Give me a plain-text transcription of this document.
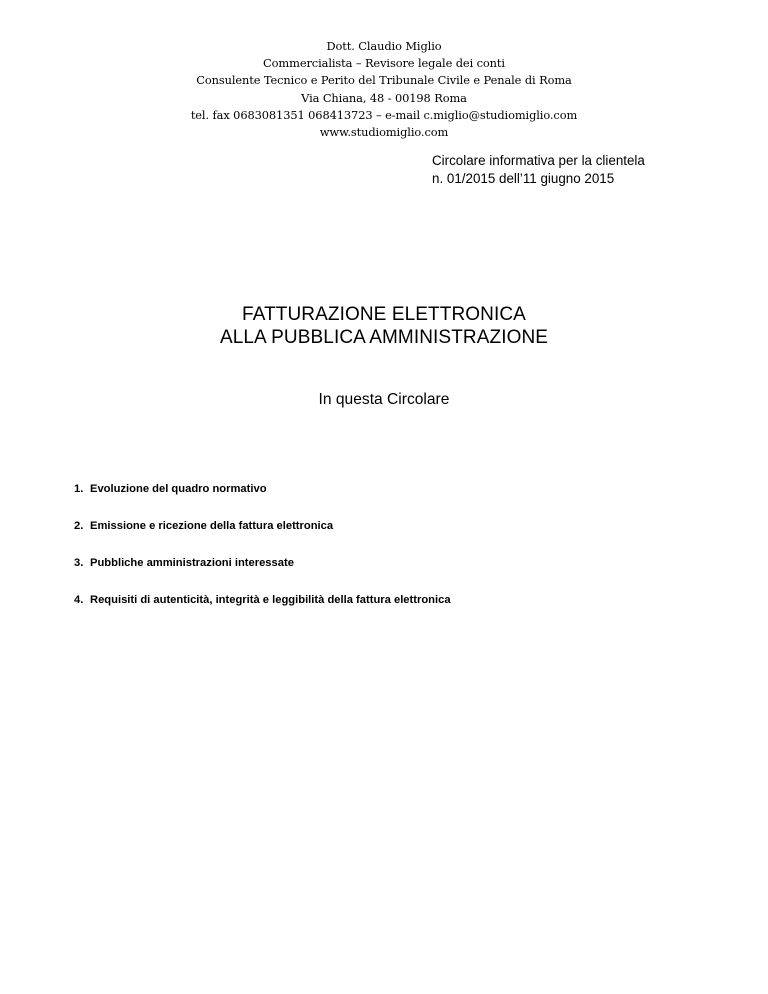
Dott. Claudio Miglio
Commercialista – Revisore legale dei conti
Consulente Tecnico e Perito del Tribunale Civile e Penale di Roma
Via Chiana, 48 - 00198 Roma
tel. fax 0683081351 068413723 – e-mail c.miglio@studiomiglio.com
www.studiomiglio.com
Circolare informativa per la clientela
n. 01/2015 dell’11 giugno 2015
FATTURAZIONE ELETTRONICA
ALLA PUBBLICA AMMINISTRAZIONE
In questa Circolare
1. Evoluzione del quadro normativo
2. Emissione e ricezione della fattura elettronica
3. Pubbliche amministrazioni interessate
4. Requisiti di autenticità, integrità e leggibilità della fattura elettronica
